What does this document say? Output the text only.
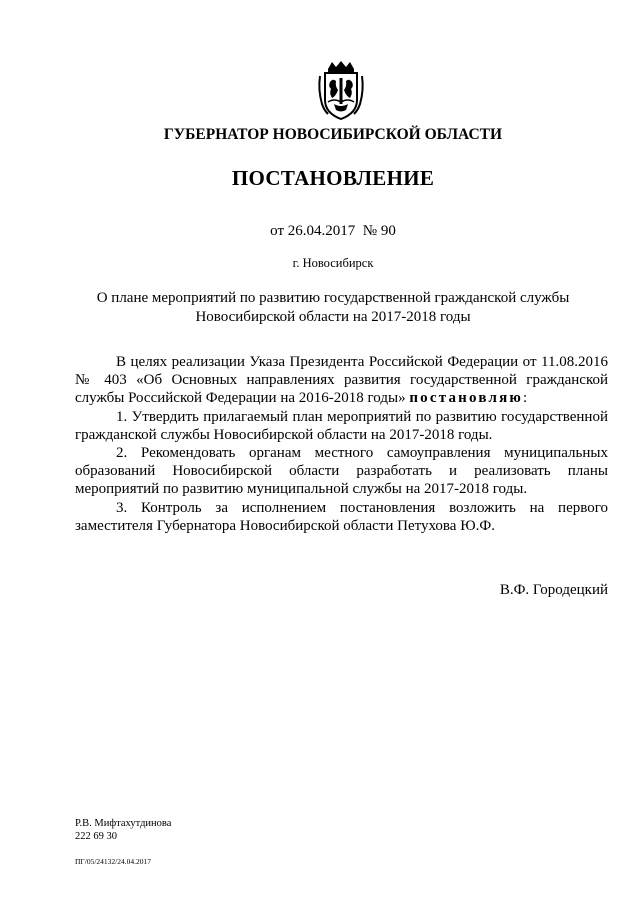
ГУБЕРНАТОР НОВОСИБИРСКОЙ ОБЛАСТИ
ПОСТАНОВЛЕНИЕ
от 26.04.2017  № 90
г. Новосибирск
О плане мероприятий по развитию государственной гражданской службы
Новосибирской области на 2017-2018 годы

В целях реализации Указа Президента Российской Федерации от 11.08.2016 № 403 «Об Основных направлениях развития государственной гражданской службы Российской Федерации на 2016-2018 годы» постановляю:

1. Утвердить прилагаемый план мероприятий по развитию государственной гражданской службы Новосибирской области на 2017-2018 годы.

2. Рекомендовать органам местного самоуправления муниципальных образований Новосибирской области разработать и реализовать планы мероприятий по развитию муниципальной службы на 2017-2018 годы.

3. Контроль за исполнением постановления возложить на первого заместителя Губернатора Новосибирской области Петухова Ю.Ф.

В.Ф. Городецкий
Р.В. Мифтахутдинова
222 69 30
ПГ/05/24132/24.04.2017
